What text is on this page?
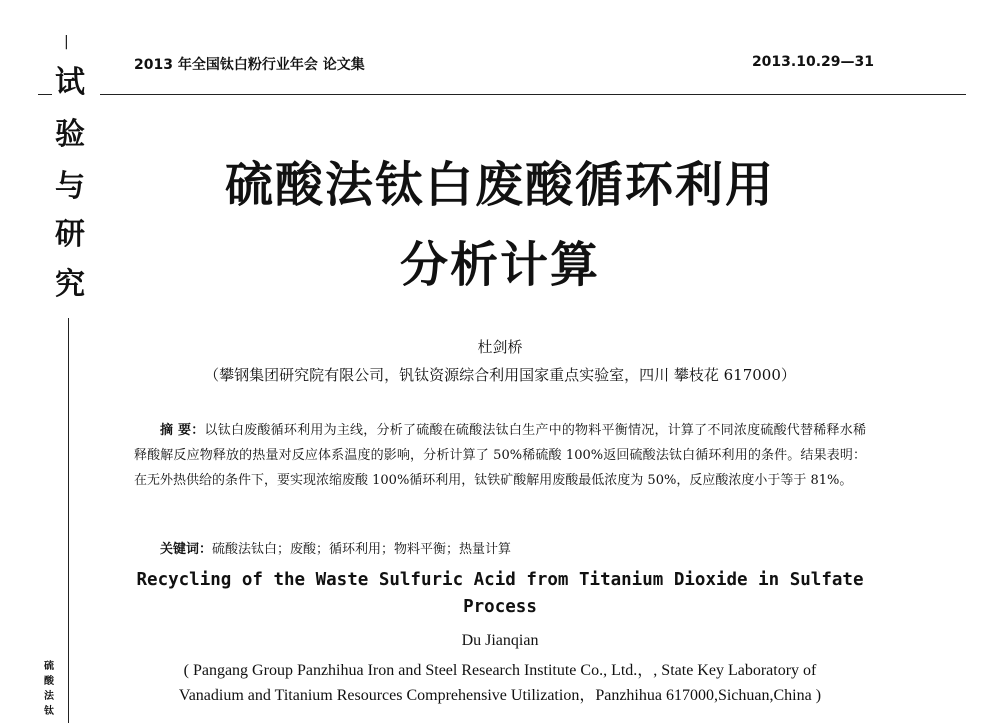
|
试
验
与
研
究
硫
酸
法
钛
2013 年全国钛白粉行业年会 论文集	2013.10.29—31
硫酸法钛白废酸循环利用
分析计算
杜剑桥
（攀钢集团研究院有限公司，钒钛资源综合利用国家重点实验室，四川 攀枝花 617000）
摘 要：以钛白废酸循环利用为主线，分析了硫酸在硫酸法钛白生产中的物料平衡情况，计算了不同浓度硫酸代替稀释水稀释酸解反应物释放的热量对反应体系温度的影响，分析计算了 50%稀硫酸 100%返回硫酸法钛白循环利用的条件。结果表明：在无外热供给的条件下，要实现浓缩废酸 100%循环利用，钛铁矿酸解用废酸最低浓度为 50%，反应酸浓度小于等于 81%。
关键词：硫酸法钛白；废酸；循环利用；物料平衡；热量计算
Recycling of the Waste Sulfuric Acid from Titanium Dioxide in Sulfate
Process
Du Jianqian
( Pangang Group Panzhihua Iron and Steel Research Institute Co., Ltd.，, State Key Laboratory of
Vanadium and Titanium Resources Comprehensive Utilization，Panzhihua 617000,Sichuan,China )
